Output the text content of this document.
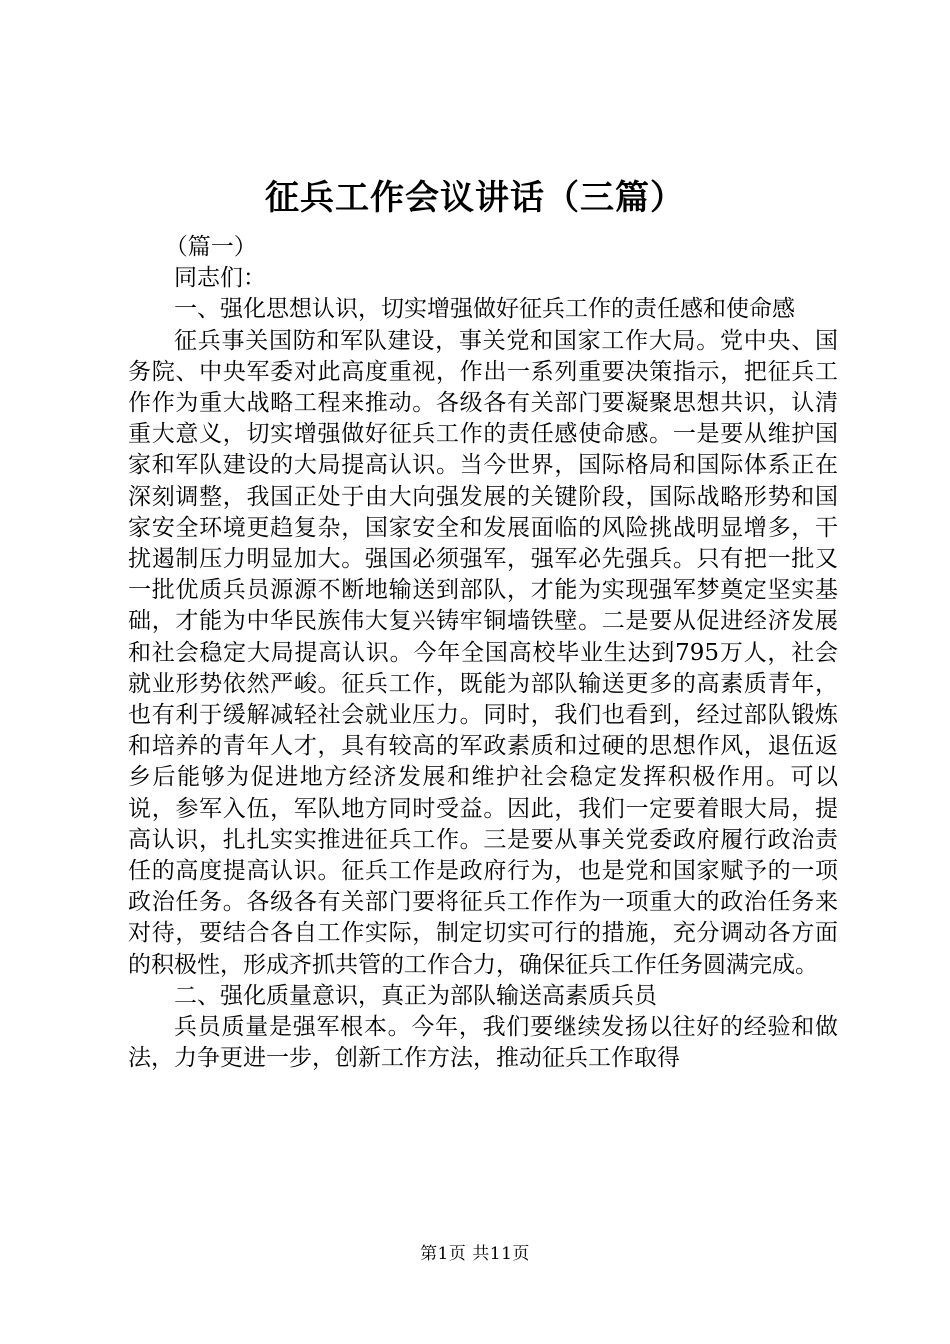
征兵工作会议讲话（三篇）

（篇一）

同志们：

一、强化思想认识，切实增强做好征兵工作的责任感和使命感

征兵事关国防和军队建设，事关党和国家工作大局。党中央、国务院、中央军委对此高度重视，作出一系列重要决策指示，把征兵工作作为重大战略工程来推动。各级各有关部门要凝聚思想共识，认清重大意义，切实增强做好征兵工作的责任感使命感。一是要从维护国家和军队建设的大局提高认识。当今世界，国际格局和国际体系正在深刻调整，我国正处于由大向强发展的关键阶段，国际战略形势和国家安全环境更趋复杂，国家安全和发展面临的风险挑战明显增多，干扰遏制压力明显加大。强国必须强军，强军必先强兵。只有把一批又一批优质兵员源源不断地输送到部队，才能为实现强军梦奠定坚实基础，才能为中华民族伟大复兴铸牢铜墙铁壁。二是要从促进经济发展和社会稳定大局提高认识。今年全国高校毕业生达到795万人，社会就业形势依然严峻。征兵工作，既能为部队输送更多的高素质青年，也有利于缓解减轻社会就业压力。同时，我们也看到，经过部队锻炼和培养的青年人才，具有较高的军政素质和过硬的思想作风，退伍返乡后能够为促进地方经济发展和维护社会稳定发挥积极作用。可以说，参军入伍，军队地方同时受益。因此，我们一定要着眼大局，提高认识，扎扎实实推进征兵工作。三是要从事关党委政府履行政治责任的高度提高认识。征兵工作是政府行为，也是党和国家赋予的一项政治任务。各级各有关部门要将征兵工作作为一项重大的政治任务来对待，要结合各自工作实际，制定切实可行的措施，充分调动各方面的积极性，形成齐抓共管的工作合力，确保征兵工作任务圆满完成。

二、强化质量意识，真正为部队输送高素质兵员

兵员质量是强军根本。今年，我们要继续发扬以往好的经验和做法，力争更进一步，创新工作方法，推动征兵工作取得

第1页 共11页
